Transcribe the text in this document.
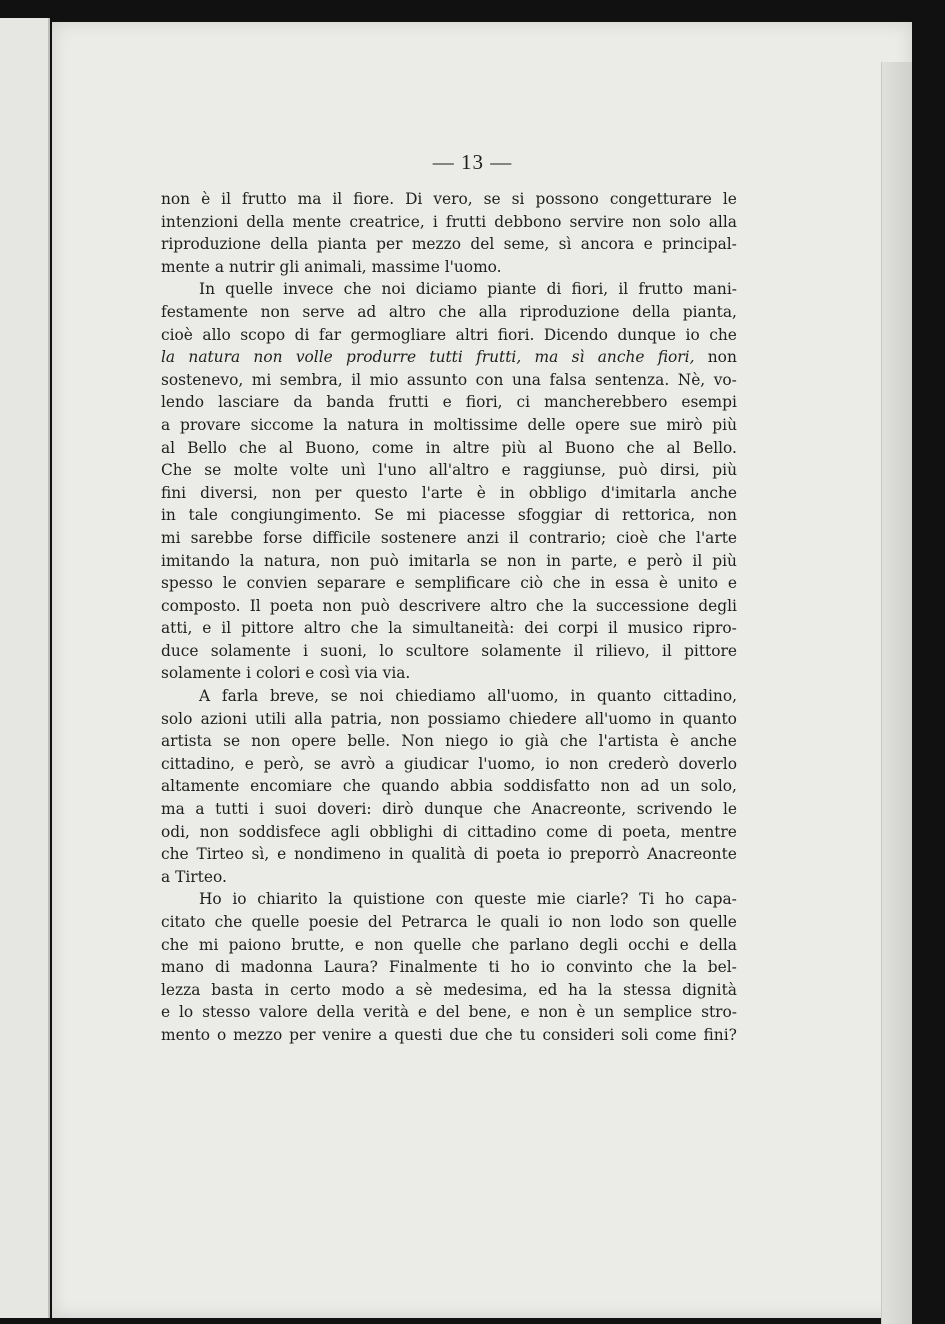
— 13 —
non è il frutto ma il fiore. Di vero, se si possono congetturare le
intenzioni della mente creatrice, i frutti debbono servire non solo alla
riproduzione della pianta per mezzo del seme, sì ancora e principal-
mente a nutrir gli animali, massime l'uomo.
In quelle invece che noi diciamo piante di fiori, il frutto mani-
festamente non serve ad altro che alla riproduzione della pianta,
cioè allo scopo di far germogliare altri fiori. Dicendo dunque io che
la natura non volle produrre tutti frutti, ma sì anche fiori, non
sostenevo, mi sembra, il mio assunto con una falsa sentenza. Nè, vo-
lendo lasciare da banda frutti e fiori, ci mancherebbero esempi
a provare siccome la natura in moltissime delle opere sue mirò più
al Bello che al Buono, come in altre più al Buono che al Bello.
Che se molte volte unì l'uno all'altro e raggiunse, può dirsi, più
fini diversi, non per questo l'arte è in obbligo d'imitarla anche
in tale congiungimento. Se mi piacesse sfoggiar di rettorica, non
mi sarebbe forse difficile sostenere anzi il contrario; cioè che l'arte
imitando la natura, non può imitarla se non in parte, e però il più
spesso le convien separare e semplificare ciò che in essa è unito e
composto. Il poeta non può descrivere altro che la successione degli
atti, e il pittore altro che la simultaneità: dei corpi il musico ripro-
duce solamente i suoni, lo scultore solamente il rilievo, il pittore
solamente i colori e così via via.
A farla breve, se noi chiediamo all'uomo, in quanto cittadino,
solo azioni utili alla patria, non possiamo chiedere all'uomo in quanto
artista se non opere belle. Non niego io già che l'artista è anche
cittadino, e però, se avrò a giudicar l'uomo, io non crederò doverlo
altamente encomiare che quando abbia soddisfatto non ad un solo,
ma a tutti i suoi doveri: dirò dunque che Anacreonte, scrivendo le
odi, non soddisfece agli obblighi di cittadino come di poeta, mentre
che Tirteo sì, e nondimeno in qualità di poeta io preporrò Anacreonte
a Tirteo.
Ho io chiarito la quistione con queste mie ciarle? Ti ho capa-
citato che quelle poesie del Petrarca le quali io non lodo son quelle
che mi paiono brutte, e non quelle che parlano degli occhi e della
mano di madonna Laura? Finalmente ti ho io convinto che la bel-
lezza basta in certo modo a sè medesima, ed ha la stessa dignità
e lo stesso valore della verità e del bene, e non è un semplice stro-
mento o mezzo per venire a questi due che tu consideri soli come fini?
